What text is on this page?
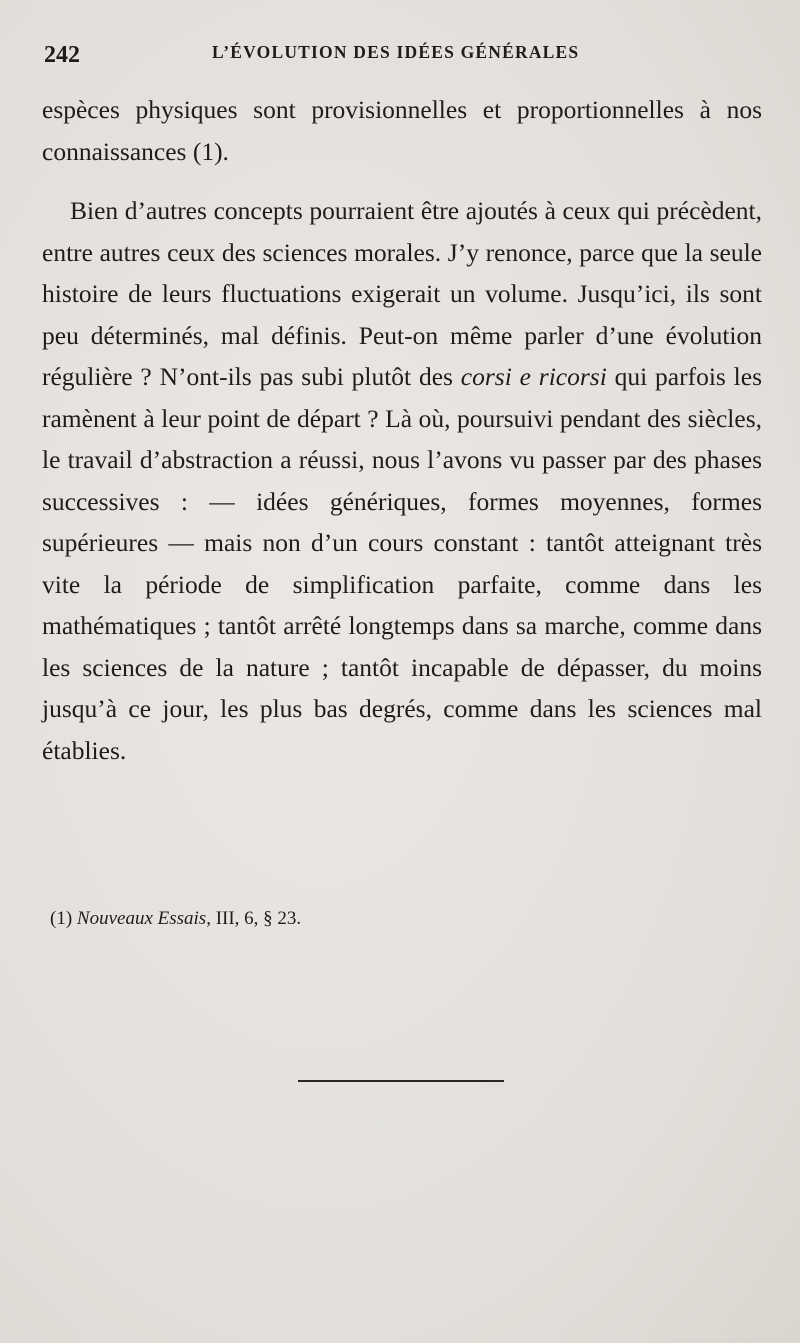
242	L’ÉVOLUTION DES IDÉES GÉNÉRALES

espèces physiques sont provisionnelles et proportionnelles à nos connaissances (1).

Bien d’autres concepts pourraient être ajoutés à ceux qui précèdent, entre autres ceux des sciences morales. J’y renonce, parce que la seule histoire de leurs fluctuations exigerait un volume. Jusqu’ici, ils sont peu déterminés, mal définis. Peut-on même parler d’une évolution régulière ? N’ont-ils pas subi plutôt des corsi e ricorsi qui parfois les ramènent à leur point de départ ? Là où, poursuivi pendant des siècles, le travail d’abstraction a réussi, nous l’avons vu passer par des phases successives : — idées génériques, formes moyennes, formes supérieures — mais non d’un cours constant : tantôt atteignant très vite la période de simplification parfaite, comme dans les mathématiques ; tantôt arrêté longtemps dans sa marche, comme dans les sciences de la nature ; tantôt incapable de dépasser, du moins jusqu’à ce jour, les plus bas degrés, comme dans les sciences mal établies.

(1) Nouveaux Essais, III, 6, § 23.
